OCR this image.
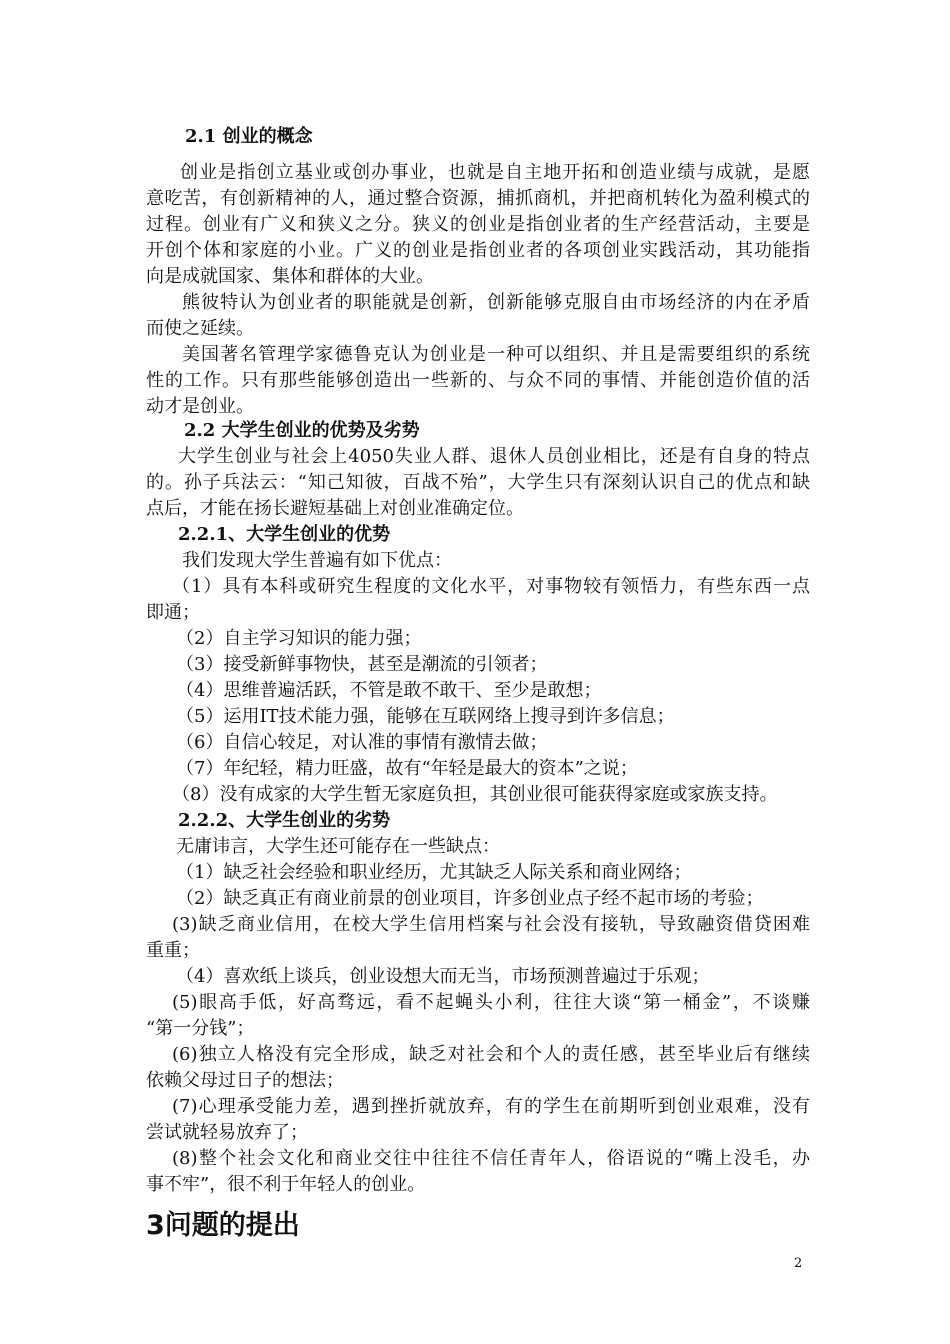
2.1 创业的概念
创业是指创立基业或创办事业，也就是自主地开拓和创造业绩与成就，是愿
意吃苦，有创新精神的人，通过整合资源，捕抓商机，并把商机转化为盈利模式的
过程。创业有广义和狭义之分。狭义的创业是指创业者的生产经营活动，主要是
开创个体和家庭的小业。广义的创业是指创业者的各项创业实践活动，其功能指
向是成就国家、集体和群体的大业。
熊彼特认为创业者的职能就是创新，创新能够克服自由市场经济的内在矛盾
而使之延续。
美国著名管理学家德鲁克认为创业是一种可以组织、并且是需要组织的系统
性的工作。只有那些能够创造出一些新的、与众不同的事情、并能创造价值的活
动才是创业。
2.2 大学生创业的优势及劣势
大学生创业与社会上4050失业人群、退休人员创业相比，还是有自身的特点
的。孙子兵法云：“知己知彼，百战不殆”，大学生只有深刻认识自己的优点和缺
点后，才能在扬长避短基础上对创业准确定位。
2.2.1、大学生创业的优势
我们发现大学生普遍有如下优点：
（1）具有本科或研究生程度的文化水平，对事物较有领悟力，有些东西一点
即通；
（2）自主学习知识的能力强；
（3）接受新鲜事物快，甚至是潮流的引领者；
（4）思维普遍活跃，不管是敢不敢干、至少是敢想；
（5）运用IT技术能力强，能够在互联网络上搜寻到许多信息；
（6）自信心较足，对认准的事情有激情去做；
（7）年纪轻，精力旺盛，故有“年轻是最大的资本”之说；
（8）没有成家的大学生暂无家庭负担，其创业很可能获得家庭或家族支持。
2.2.2、大学生创业的劣势
无庸讳言，大学生还可能存在一些缺点：
（1）缺乏社会经验和职业经历，尤其缺乏人际关系和商业网络；
（2）缺乏真正有商业前景的创业项目，许多创业点子经不起市场的考验；
(3)缺乏商业信用，在校大学生信用档案与社会没有接轨，导致融资借贷困难
重重；
（4）喜欢纸上谈兵，创业设想大而无当，市场预测普遍过于乐观；
(5)眼高手低，好高骛远，看不起蝇头小利，往往大谈“第一桶金”，不谈赚
“第一分钱”；
(6)独立人格没有完全形成，缺乏对社会和个人的责任感，甚至毕业后有继续
依赖父母过日子的想法；
(7)心理承受能力差，遇到挫折就放弃，有的学生在前期听到创业艰难，没有
尝试就轻易放弃了；
(8)整个社会文化和商业交往中往往不信任青年人，俗语说的“嘴上没毛，办
事不牢”，很不利于年轻人的创业。
3问题的提出
2
